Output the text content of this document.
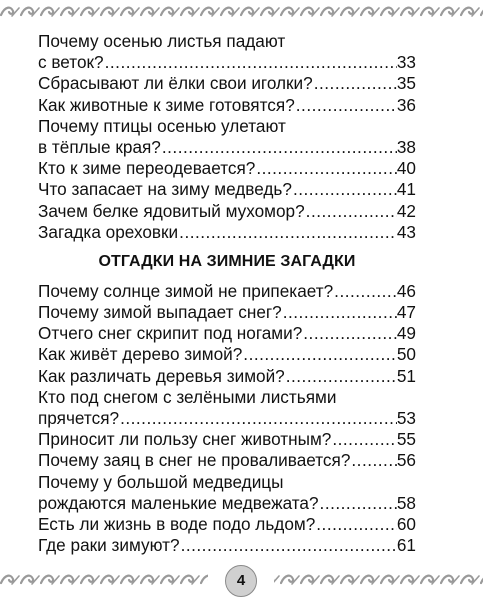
Почему осенью листья падают
с веток? .....	33
Сбрасывают ли ёлки свои иголки? .....	35
Как животные к зиме готовятся? .....	36
Почему птицы осенью улетают
в тёплые края? .....	38
Кто к зиме переодевается? .....	40
Что запасает на зиму медведь? .....	41
Зачем белке ядовитый мухомор? .....	42
Загадка ореховки .....	43
ОТГАДКИ НА ЗИМНИЕ ЗАГАДКИ
Почему солнце зимой не припекает? .....	46
Почему зимой выпадает снег? .....	47
Отчего снег скрипит под ногами? .....	49
Как живёт дерево зимой? .....	50
Как различать деревья зимой? .....	51
Кто под снегом с зелёными листьями
прячется? .....	53
Приносит ли пользу снег животным? .....	55
Почему заяц в снег не проваливается? .....	56
Почему у большой медведицы
рождаются маленькие медвежата? .....	58
Есть ли жизнь в воде подо льдом? .....	60
Где раки зимуют? .....	61
4
